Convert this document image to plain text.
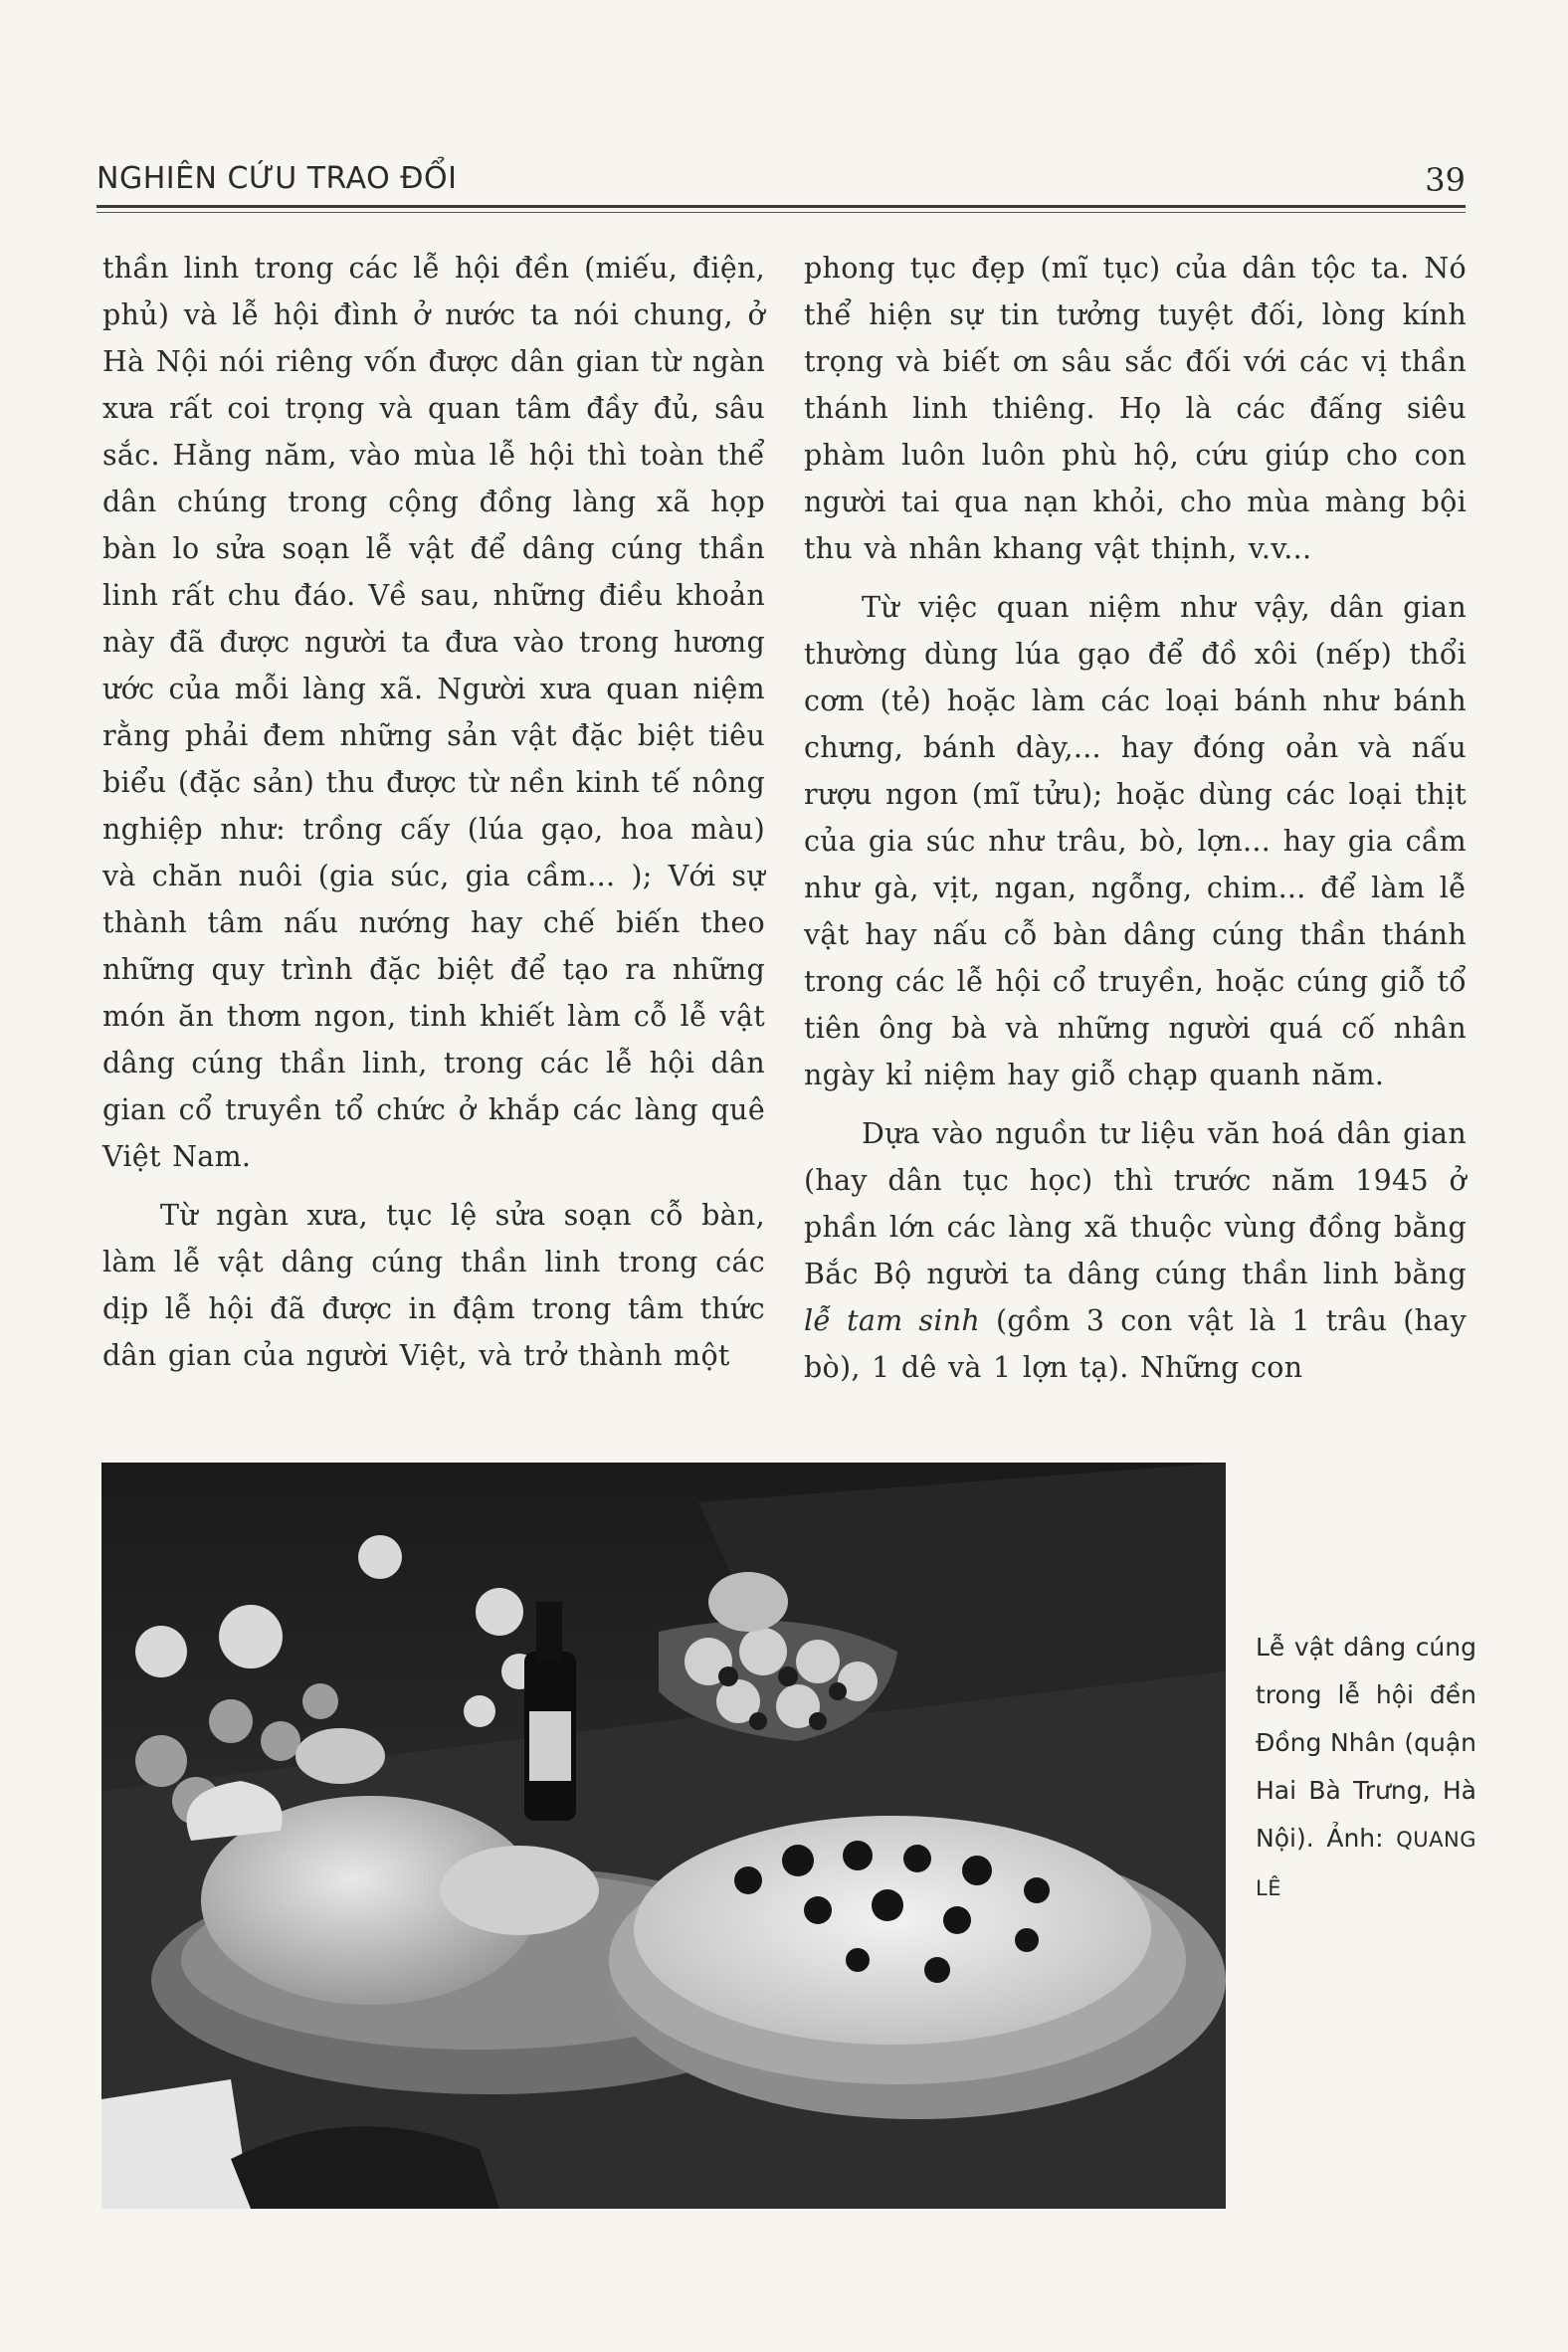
NGHIÊN CỨU TRAO ĐỔI	39

thần linh trong các lễ hội đền (miếu, điện, phủ) và lễ hội đình ở nước ta nói chung, ở Hà Nội nói riêng vốn được dân gian từ ngàn xưa rất coi trọng và quan tâm đầy đủ, sâu sắc. Hằng năm, vào mùa lễ hội thì toàn thể dân chúng trong cộng đồng làng xã họp bàn lo sửa soạn lễ vật để dâng cúng thần linh rất chu đáo. Về sau, những điều khoản này đã được người ta đưa vào trong hương ước của mỗi làng xã. Người xưa quan niệm rằng phải đem những sản vật đặc biệt tiêu biểu (đặc sản) thu được từ nền kinh tế nông nghiệp như: trồng cấy (lúa gạo, hoa màu) và chăn nuôi (gia súc, gia cầm... ); Với sự thành tâm nấu nướng hay chế biến theo những quy trình đặc biệt để tạo ra những món ăn thơm ngon, tinh khiết làm cỗ lễ vật dâng cúng thần linh, trong các lễ hội dân gian cổ truyền tổ chức ở khắp các làng quê Việt Nam.

Từ ngàn xưa, tục lệ sửa soạn cỗ bàn, làm lễ vật dâng cúng thần linh trong các dịp lễ hội đã được in đậm trong tâm thức dân gian của người Việt, và trở thành một

phong tục đẹp (mĩ tục) của dân tộc ta. Nó thể hiện sự tin tưởng tuyệt đối, lòng kính trọng và biết ơn sâu sắc đối với các vị thần thánh linh thiêng. Họ là các đấng siêu phàm luôn luôn phù hộ, cứu giúp cho con người tai qua nạn khỏi, cho mùa màng bội thu và nhân khang vật thịnh, v.v...

Từ việc quan niệm như vậy, dân gian thường dùng lúa gạo để đồ xôi (nếp) thổi cơm (tẻ) hoặc làm các loại bánh như bánh chưng, bánh dày,... hay đóng oản và nấu rượu ngon (mĩ tửu); hoặc dùng các loại thịt của gia súc như trâu, bò, lợn... hay gia cầm như gà, vịt, ngan, ngỗng, chim... để làm lễ vật hay nấu cỗ bàn dâng cúng thần thánh trong các lễ hội cổ truyền, hoặc cúng giỗ tổ tiên ông bà và những người quá cố nhân ngày kỉ niệm hay giỗ chạp quanh năm.

Dựa vào nguồn tư liệu văn hoá dân gian (hay dân tục học) thì trước năm 1945 ở phần lớn các làng xã thuộc vùng đồng bằng Bắc Bộ người ta dâng cúng thần linh bằng lễ tam sinh (gồm 3 con vật là 1 trâu (hay bò), 1 dê và 1 lợn tạ). Những con

Lễ vật dâng cúng trong lễ hội đền Đồng Nhân (quận Hai Bà Trưng, Hà Nội). Ảnh: QUANG LÊ
